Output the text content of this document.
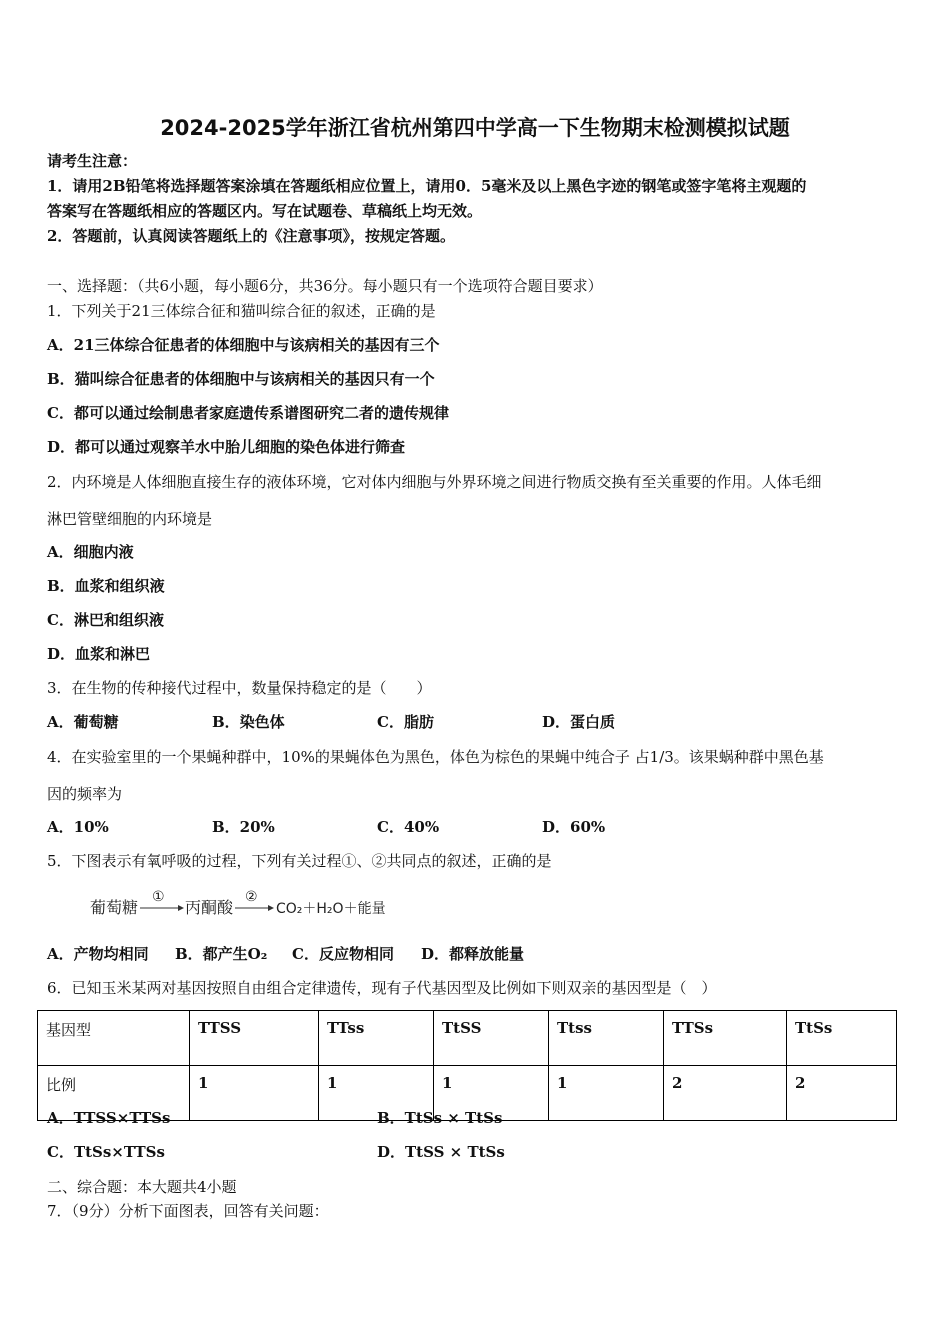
2024-2025学年浙江省杭州第四中学高一下生物期末检测模拟试题
请考生注意：
1．请用2B铅笔将选择题答案涂填在答题纸相应位置上，请用0．5毫米及以上黑色字迹的钢笔或签字笔将主观题的
答案写在答题纸相应的答题区内。写在试题卷、草稿纸上均无效。
2．答题前，认真阅读答题纸上的《注意事项》，按规定答题。
一、选择题：（共6小题，每小题6分，共36分。每小题只有一个选项符合题目要求）
1．下列关于21三体综合征和猫叫综合征的叙述，正确的是
A．21三体综合征患者的体细胞中与该病相关的基因有三个
B．猫叫综合征患者的体细胞中与该病相关的基因只有一个
C．都可以通过绘制患者家庭遗传系谱图研究二者的遗传规律
D．都可以通过观察羊水中胎儿细胞的染色体进行筛查
2．内环境是人体细胞直接生存的液体环境，它对体内细胞与外界环境之间进行物质交换有至关重要的作用。人体毛细
淋巴管壁细胞的内环境是
A．细胞内液
B．血浆和组织液
C．淋巴和组织液
D．血浆和淋巴
3．在生物的传种接代过程中，数量保持稳定的是（　　）
A．葡萄糖	B．染色体	C．脂肪	D．蛋白质
4．在实验室里的一个果蝇种群中，10%的果蝇体色为黑色，体色为棕色的果蝇中纯合子 占1/3。该果蜗种群中黑色基
因的频率为
A．10%	B．20%	C．40%	D．60%
5．下图表示有氧呼吸的过程，下列有关过程①、②共同点的叙述，正确的是
葡萄糖
①
丙酮酸
②
CO₂＋H₂O＋能量
A．产物均相同 B．都产生O₂ C．反应物相同 D．都释放能量
6．已知玉米某两对基因按照自由组合定律遗传，现有子代基因型及比例如下则双亲的基因型是（　）
基因型	TTSS	TTss	TtSS	Ttss	TTSs	TtSs
比例	1	1	1	1	2	2
A．TTSS×TTSs	B．TtSs × TtSs
C．TtSs×TTSs	D．TtSS × TtSs
二、综合题：本大题共4小题
7．（9分）分析下面图表，回答有关问题：
